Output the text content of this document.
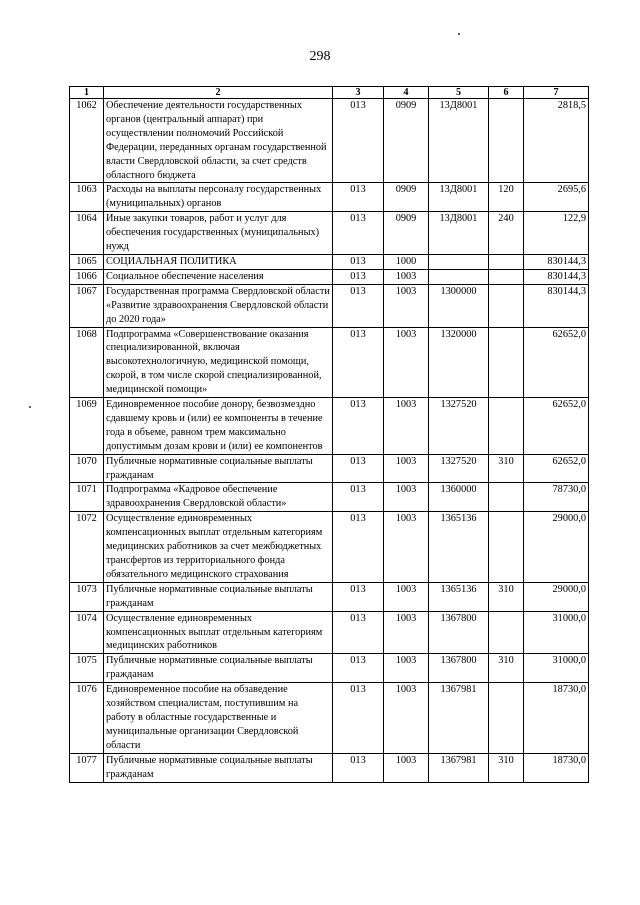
298
1	2	3	4	5	6	7
1062	Обеспечение деятельности государственных органов (центральный аппарат) при осуществлении полномочий Российской Федерации, переданных органам государственной власти Свердловской области, за счет средств областного бюджета	013	0909	13Д8001		2818,5
1063	Расходы на выплаты персоналу государственных (муниципальных) органов	013	0909	13Д8001	120	2695,6
1064	Иные закупки товаров, работ и услуг для обеспечения государственных (муниципальных) нужд	013	0909	13Д8001	240	122,9
1065	СОЦИАЛЬНАЯ ПОЛИТИКА	013	1000			830144,3
1066	Социальное обеспечение населения	013	1003			830144,3
1067	Государственная программа Свердловской области «Развитие здравоохранения Свердловской области до 2020 года»	013	1003	1300000		830144,3
1068	Подпрограмма «Совершенствование оказания специализированной, включая высокотехнологичную, медицинской помощи, скорой, в том числе скорой специализированной, медицинской помощи»	013	1003	1320000		62652,0
1069	Единовременное пособие донору, безвозмездно сдавшему кровь и (или) ее компоненты в течение года в объеме, равном трем максимально допустимым дозам крови и (или) ее компонентов	013	1003	1327520		62652,0
1070	Публичные нормативные социальные выплаты гражданам	013	1003	1327520	310	62652,0
1071	Подпрограмма «Кадровое обеспечение здравоохранения Свердловской области»	013	1003	1360000		78730,0
1072	Осуществление единовременных компенсационных выплат отдельным категориям медицинских работников за счет межбюджетных трансфертов из территориального фонда обязательного медицинского страхования	013	1003	1365136		29000,0
1073	Публичные нормативные социальные выплаты гражданам	013	1003	1365136	310	29000,0
1074	Осуществление единовременных компенсационных выплат отдельным категориям медицинских работников	013	1003	1367800		31000,0
1075	Публичные нормативные социальные выплаты гражданам	013	1003	1367800	310	31000,0
1076	Единовременное пособие на обзаведение хозяйством специалистам, поступившим на работу в областные государственные и муниципальные организации Свердловской области	013	1003	1367981		18730,0
1077	Публичные нормативные социальные выплаты гражданам	013	1003	1367981	310	18730,0
